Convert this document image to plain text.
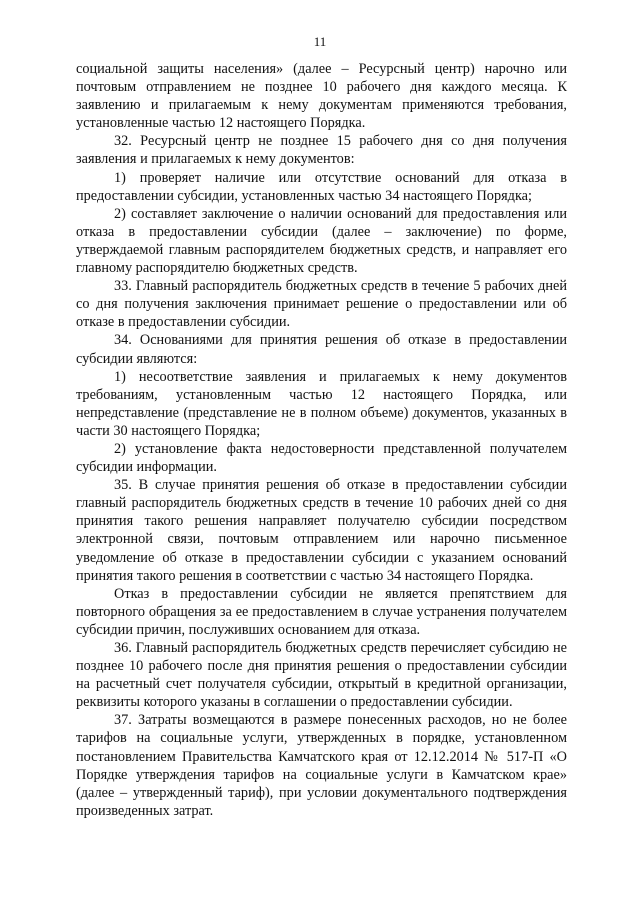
11

социальной защиты населения» (далее – Ресурсный центр) нарочно или почтовым отправлением не позднее 10 рабочего дня каждого месяца. К заявлению и прилагаемым к нему документам применяются требования, установленные частью 12 настоящего Порядка.

32. Ресурсный центр не позднее 15 рабочего дня со дня получения заявления и прилагаемых к нему документов:

1) проверяет наличие или отсутствие оснований для отказа в предоставлении субсидии, установленных частью 34 настоящего Порядка;

2) составляет заключение о наличии оснований для предоставления или отказа в предоставлении субсидии (далее – заключение) по форме, утверждаемой главным распорядителем бюджетных средств, и направляет его главному распорядителю бюджетных средств.

33. Главный распорядитель бюджетных средств в течение 5 рабочих дней со дня получения заключения принимает решение о предоставлении или об отказе в предоставлении субсидии.

34. Основаниями для принятия решения об отказе в предоставлении субсидии являются:

1) несоответствие заявления и прилагаемых к нему документов требованиям, установленным частью 12 настоящего Порядка, или непредставление (представление не в полном объеме) документов, указанных в части 30 настоящего Порядка;

2) установление факта недостоверности представленной получателем субсидии информации.

35. В случае принятия решения об отказе в предоставлении субсидии главный распорядитель бюджетных средств в течение 10 рабочих дней со дня принятия такого решения направляет получателю субсидии посредством электронной связи, почтовым отправлением или нарочно письменное уведомление об отказе в предоставлении субсидии с указанием оснований принятия такого решения в соответствии с частью 34 настоящего Порядка.

Отказ в предоставлении субсидии не является препятствием для повторного обращения за ее предоставлением в случае устранения получателем субсидии причин, послуживших основанием для отказа.

36. Главный распорядитель бюджетных средств перечисляет субсидию не позднее 10 рабочего после дня принятия решения о предоставлении субсидии на расчетный счет получателя субсидии, открытый в кредитной организации, реквизиты которого указаны в соглашении о предоставлении субсидии.

37. Затраты возмещаются в размере понесенных расходов, но не более тарифов на социальные услуги, утвержденных в порядке, установленном постановлением Правительства Камчатского края от 12.12.2014 № 517-П «О Порядке утверждения тарифов на социальные услуги в Камчатском крае» (далее – утвержденный тариф), при условии документального подтверждения произведенных затрат.
